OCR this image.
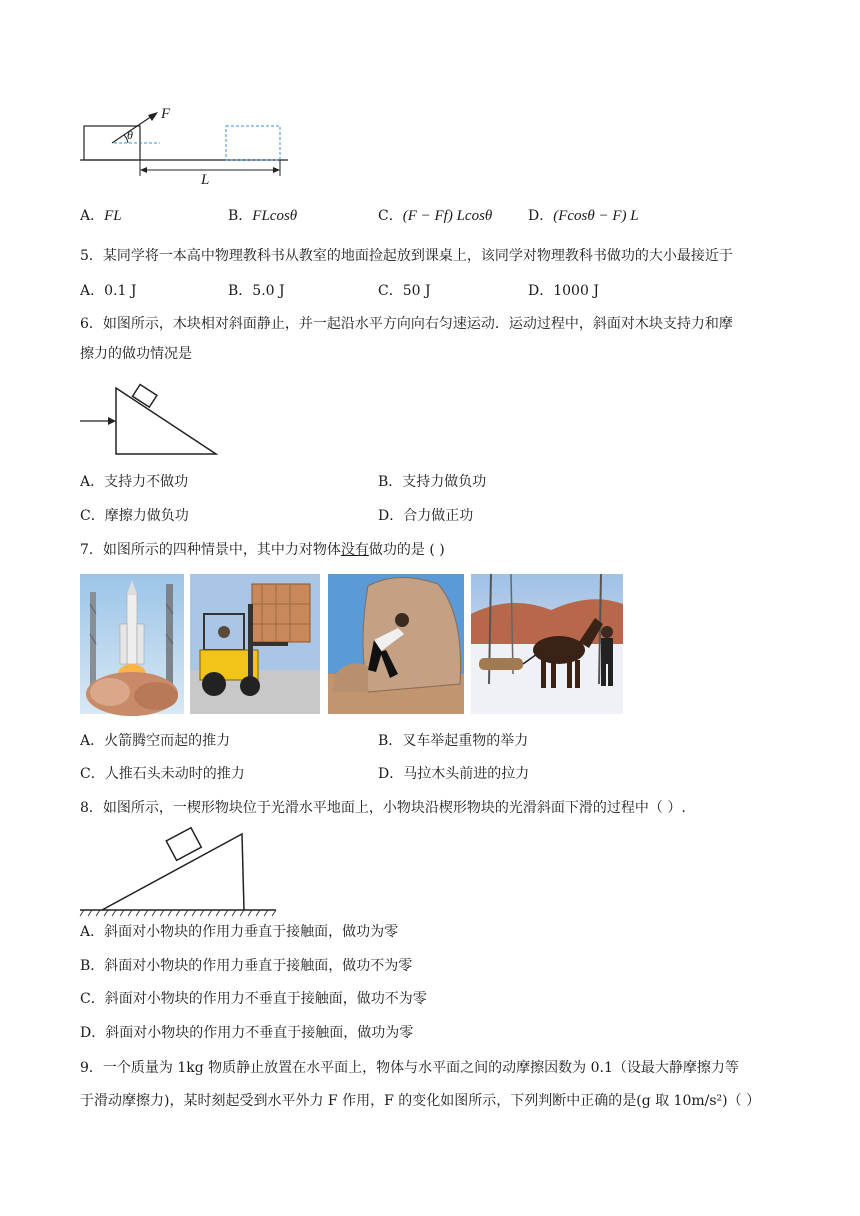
F
θ
L
A．FL	B．FLcosθ	C．(F − Ff) Lcosθ	D．(Fcosθ − F) L
5．某同学将一本高中物理教科书从教室的地面捡起放到课桌上，该同学对物理教科书做功的大小最接近于
A．0.1 J	B．5.0 J	C．50 J	D．1000 J
6．如图所示，木块相对斜面静止，并一起沿水平方向向右匀速运动．运动过程中，斜面对木块支持力和摩
擦力的做功情况是
A．支持力不做功	B．支持力做负功
C．摩擦力做负功	D．合力做正功
7．如图所示的四种情景中，其中力对物体没有做功的是 ( )
A．火箭腾空而起的推力	B．叉车举起重物的举力
C．人推石头未动时的推力	D．马拉木头前进的拉力
8．如图所示，一楔形物块位于光滑水平地面上，小物块沿楔形物块的光滑斜面下滑的过程中（ ）.
A．斜面对小物块的作用力垂直于接触面，做功为零
B．斜面对小物块的作用力垂直于接触面，做功不为零
C．斜面对小物块的作用力不垂直于接触面，做功不为零
D．斜面对小物块的作用力不垂直于接触面，做功为零
9．一个质量为 1kg 物质静止放置在水平面上，物体与水平面之间的动摩擦因数为 0.1（设最大静摩擦力等
于滑动摩擦力)，某时刻起受到水平外力 F 作用，F 的变化如图所示，下列判断中正确的是(g 取 10m/s²)（ ）
